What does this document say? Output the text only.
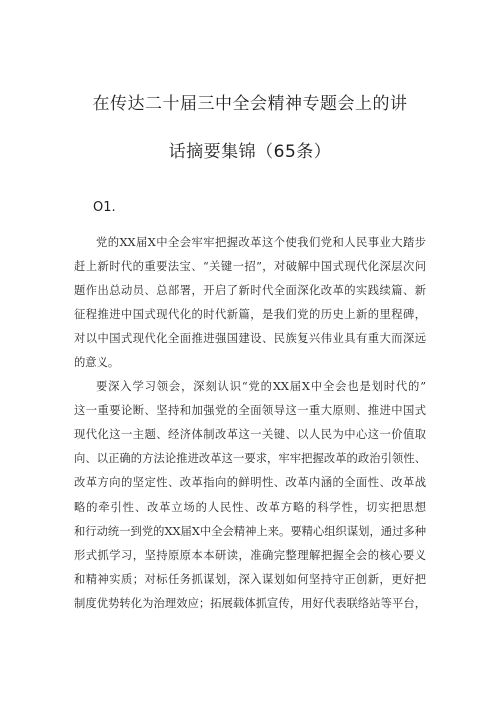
在传达二十届三中全会精神专题会上的讲
话摘要集锦（65条）

O1.

党的XX届X中全会牢牢把握改革这个使我们党和人民事业大踏步
赶上新时代的重要法宝、“关键一招”，对破解中国式现代化深层次问
题作出总动员、总部署，开启了新时代全面深化改革的实践续篇、新
征程推进中国式现代化的时代新篇，是我们党的历史上新的里程碑，
对以中国式现代化全面推进强国建设、民族复兴伟业具有重大而深远
的意义。
要深入学习领会，深刻认识“党的XX届X中全会也是划时代的”
这一重要论断、坚持和加强党的全面领导这一重大原则、推进中国式
现代化这一主题、经济体制改革这一关键、以人民为中心这一价值取
向、以正确的方法论推进改革这一要求，牢牢把握改革的政治引领性、
改革方向的坚定性、改革指向的鲜明性、改革内涵的全面性、改革战
略的牵引性、改革立场的人民性、改革方略的科学性，切实把思想
和行动统一到党的XX届X中全会精神上来。要精心组织谋划，通过多种
形式抓学习，坚持原原本本研读，准确完整理解把握全会的核心要义
和精神实质；对标任务抓谋划，深入谋划如何坚持守正创新，更好把
制度优势转化为治理效应；拓展载体抓宣传，用好代表联络站等平台，
